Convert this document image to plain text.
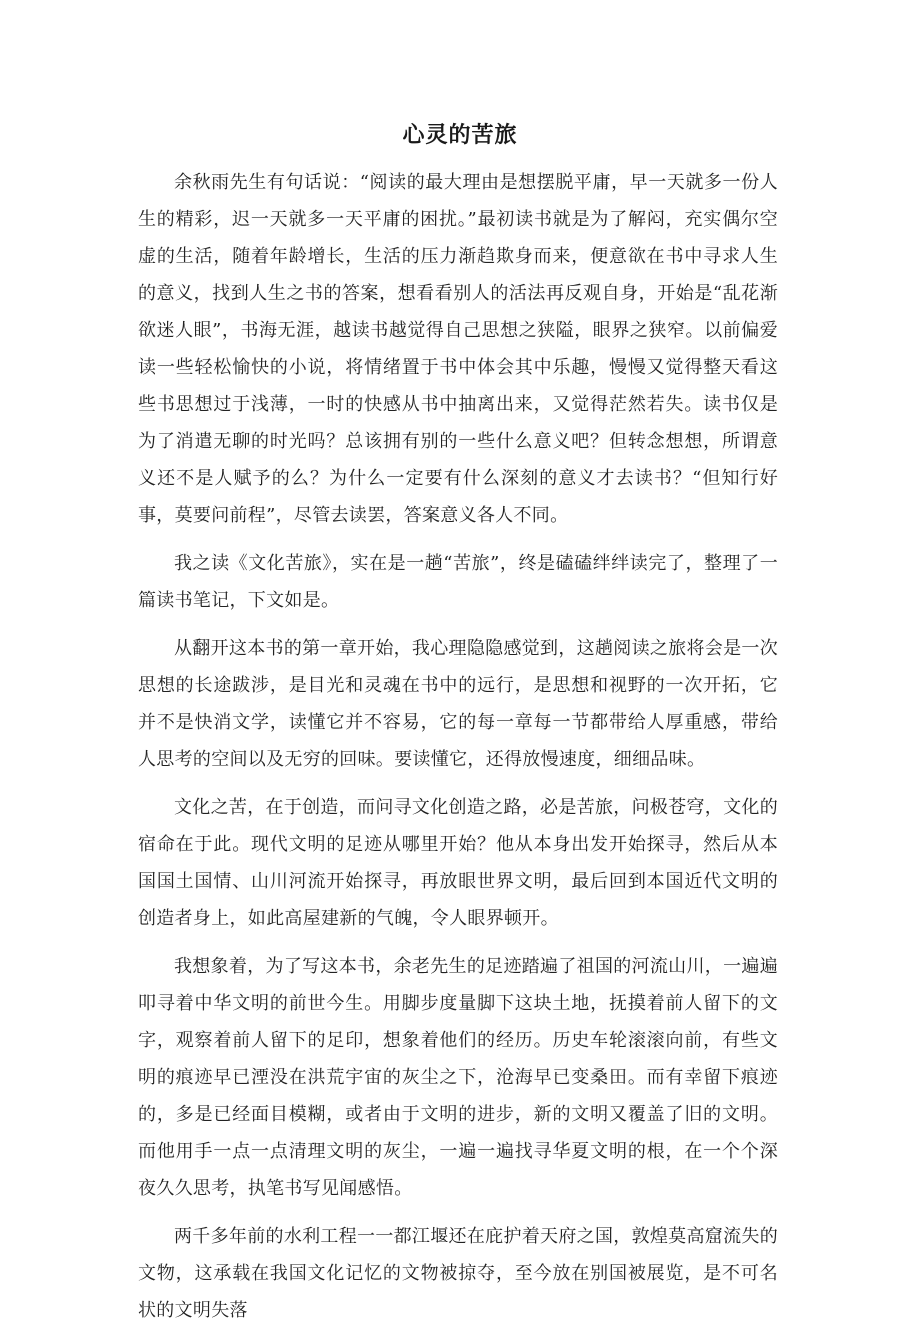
心灵的苦旅

余秋雨先生有句话说：“阅读的最大理由是想摆脱平庸，早一天就多一份人生的精彩，迟一天就多一天平庸的困扰。”最初读书就是为了解闷，充实偶尔空虚的生活，随着年龄增长，生活的压力渐趋欺身而来，便意欲在书中寻求人生的意义，找到人生之书的答案，想看看别人的活法再反观自身，开始是“乱花渐欲迷人眼”，书海无涯，越读书越觉得自己思想之狭隘，眼界之狭窄。以前偏爱读一些轻松愉快的小说，将情绪置于书中体会其中乐趣，慢慢又觉得整天看这些书思想过于浅薄，一时的快感从书中抽离出来，又觉得茫然若失。读书仅是为了消遣无聊的时光吗？总该拥有别的一些什么意义吧？但转念想想，所谓意义还不是人赋予的么？为什么一定要有什么深刻的意义才去读书？“但知行好事，莫要问前程”，尽管去读罢，答案意义各人不同。

我之读《文化苦旅》，实在是一趟“苦旅”，终是磕磕绊绊读完了，整理了一篇读书笔记，下文如是。

从翻开这本书的第一章开始，我心理隐隐感觉到，这趟阅读之旅将会是一次思想的长途跋涉，是目光和灵魂在书中的远行，是思想和视野的一次开拓，它并不是快消文学，读懂它并不容易，它的每一章每一节都带给人厚重感，带给人思考的空间以及无穷的回味。要读懂它，还得放慢速度，细细品味。

文化之苦，在于创造，而问寻文化创造之路，必是苦旅，问极苍穹，文化的宿命在于此。现代文明的足迹从哪里开始？他从本身出发开始探寻，然后从本国国土国情、山川河流开始探寻，再放眼世界文明，最后回到本国近代文明的创造者身上，如此高屋建新的气魄，令人眼界顿开。

我想象着，为了写这本书，余老先生的足迹踏遍了祖国的河流山川，一遍遍叩寻着中华文明的前世今生。用脚步度量脚下这块土地，抚摸着前人留下的文字，观察着前人留下的足印，想象着他们的经历。历史车轮滚滚向前，有些文明的痕迹早已湮没在洪荒宇宙的灰尘之下，沧海早已变桑田。而有幸留下痕迹的，多是已经面目模糊，或者由于文明的进步，新的文明又覆盖了旧的文明。而他用手一点一点清理文明的灰尘，一遍一遍找寻华夏文明的根，在一个个深夜久久思考，执笔书写见闻感悟。

两千多年前的水利工程一一都江堰还在庇护着天府之国，敦煌莫高窟流失的文物，这承载在我国文化记忆的文物被掠夺，至今放在别国被展览，是不可名状的文明失落
